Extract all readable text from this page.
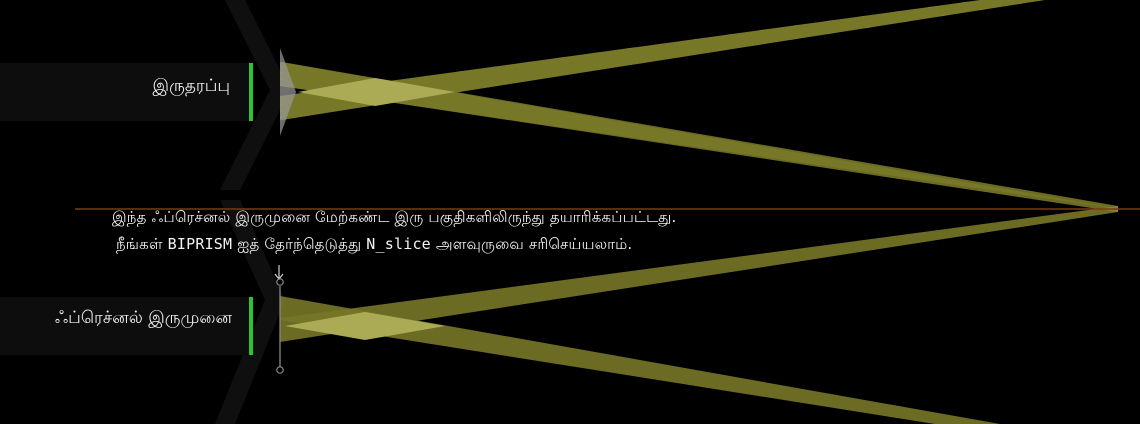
இருதரப்பு
ஃப்ரெச்னல் இருமுனை
இந்த ஃப்ரெச்னல் இருமுனை மேற்கண்ட இரு பகுதிகளிலிருந்து தயாரிக்கப்பட்டது.
நீங்கள் BIPRISM ஐத் தேர்ந்தெடுத்து N_slice அளவுருவை சரிசெய்யலாம்.
